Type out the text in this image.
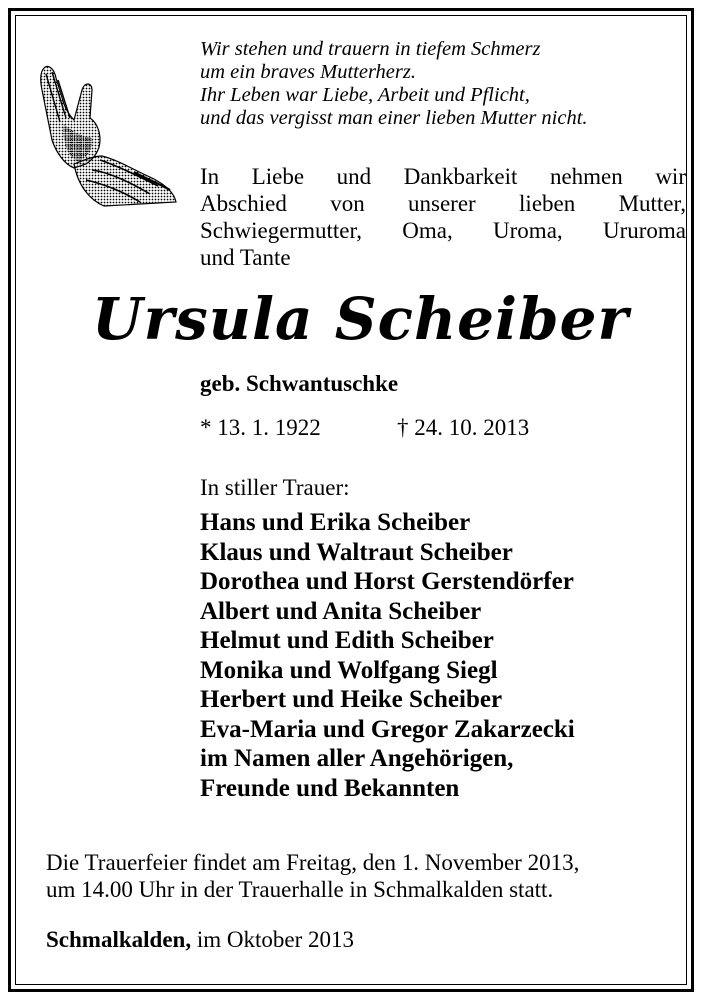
Wir stehen und trauern in tiefem Schmerz
um ein braves Mutterherz.
Ihr Leben war Liebe, Arbeit und Pflicht,
und das vergisst man einer lieben Mutter nicht.
In Liebe und Dankbarkeit nehmen wir
Abschied von unserer lieben Mutter,
Schwiegermutter, Oma, Uroma, Ururoma
und Tante
Ursula Scheiber
geb. Schwantuschke
* 13. 1. 1922	† 24. 10. 2013
In stiller Trauer:
Hans und Erika Scheiber
Klaus und Waltraut Scheiber
Dorothea und Horst Gerstendörfer
Albert und Anita Scheiber
Helmut und Edith Scheiber
Monika und Wolfgang Siegl
Herbert und Heike Scheiber
Eva-Maria und Gregor Zakarzecki
im Namen aller Angehörigen,
Freunde und Bekannten
Die Trauerfeier findet am Freitag, den 1. November 2013,
um 14.00 Uhr in der Trauerhalle in Schmalkalden statt.
Schmalkalden, im Oktober 2013
